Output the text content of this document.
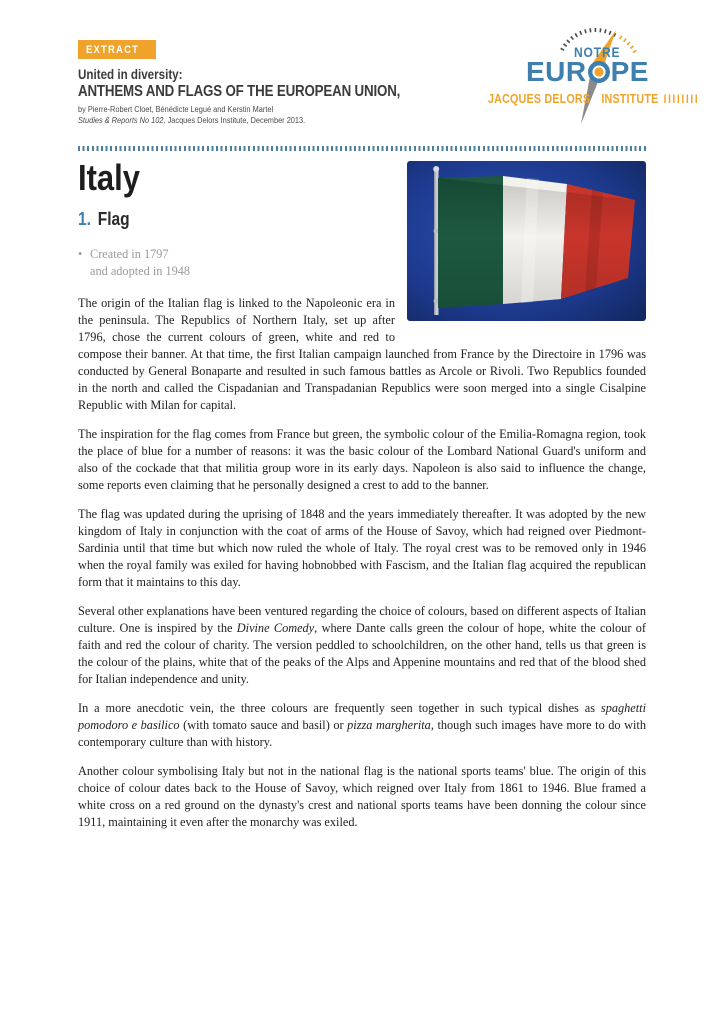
EXTRACT
United in diversity:
ANTHEMS AND FLAGS OF THE EUROPEAN UNION,
by Pierre-Robert Cloet, Bénédicte Legué and Kerstin Martel
Studies & Reports No 102, Jacques Delors Institute, December 2013.
NOTRE
EUR PE
JACQUES DELORS INSTITUTE IIIIIIII
Italy
1. Flag
• Created in 1797
and adopted in 1948

The origin of the Italian flag is linked to the Napoleonic era in the peninsula. The Republics of Northern Italy, set up after 1796, chose the current colours of green, white and red to compose their banner. At that time, the first Italian campaign launched from France by the Directoire in 1796 was conducted by General Bonaparte and resulted in such famous battles as Arcole or Rivoli. Two Republics founded in the north and called the Cispadanian and Transpadanian Republics were soon merged into a single Cisalpine Republic with Milan for capital.

The inspiration for the flag comes from France but green, the symbolic colour of the Emilia-Romagna region, took the place of blue for a number of reasons: it was the basic colour of the Lombard National Guard's uniform and also of the cockade that that militia group wore in its early days. Napoleon is also said to influence the change, some reports even claiming that he personally designed a crest to add to the banner.

The flag was updated during the uprising of 1848 and the years immediately thereafter. It was adopted by the new kingdom of Italy in conjunction with the coat of arms of the House of Savoy, which had reigned over Piedmont-Sardinia until that time but which now ruled the whole of Italy. The royal crest was to be removed only in 1946 when the royal family was exiled for having hobnobbed with Fascism, and the Italian flag acquired the republican form that it maintains to this day.

Several other explanations have been ventured regarding the choice of colours, based on different aspects of Italian culture. One is inspired by the Divine Comedy, where Dante calls green the colour of hope, white the colour of faith and red the colour of charity. The version peddled to schoolchildren, on the other hand, tells us that green is the colour of the plains, white that of the peaks of the Alps and Appenine mountains and red that of the blood shed for Italian independence and unity.

In a more anecdotic vein, the three colours are frequently seen together in such typical dishes as spaghetti pomodoro e basilico (with tomato sauce and basil) or pizza margherita, though such images have more to do with contemporary culture than with history.

Another colour symbolising Italy but not in the national flag is the national sports teams' blue. The origin of this choice of colour dates back to the House of Savoy, which reigned over Italy from 1861 to 1946. Blue framed a white cross on a red ground on the dynasty's crest and national sports teams have been donning the colour since 1911, maintaining it even after the monarchy was exiled.
